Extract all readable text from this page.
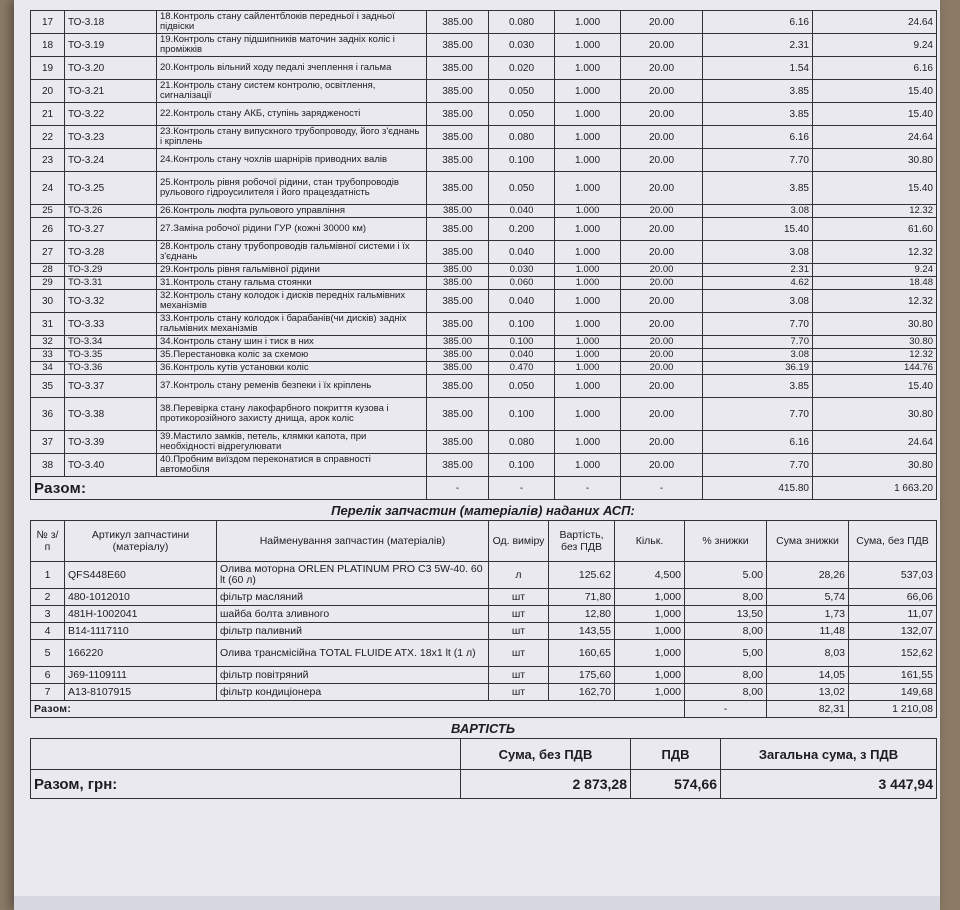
17	ТО-3.18	18.Контроль стану сайлентблоків передньої і задньої підвіски	385.00	0.080	1.000	20.00	6.16	24.64
18	ТО-3.19	19.Контроль стану підшипників маточин задніх коліс і проміжків	385.00	0.030	1.000	20.00	2.31	9.24
19	ТО-3.20	20.Контроль вільний ходу педалі зчеплення і гальма	385.00	0.020	1.000	20.00	1.54	6.16
20	ТО-3.21	21.Контроль стану систем контролю, освітлення, сигналізації	385.00	0.050	1.000	20.00	3.85	15.40
21	ТО-3.22	22.Контроль стану АКБ, ступінь зарядженості	385.00	0.050	1.000	20.00	3.85	15.40
22	ТО-3.23	23.Контроль стану випускного трубопроводу, його з'єднань і кріплень	385.00	0.080	1.000	20.00	6.16	24.64
23	ТО-3.24	24.Контроль стану чохлів шарнірів приводних валів	385.00	0.100	1.000	20.00	7.70	30.80
24	ТО-3.25	25.Контроль рівня робочої рідини, стан трубопроводів рульового гідроусилителя і його працездатність	385.00	0.050	1.000	20.00	3.85	15.40
25	ТО-3.26	26.Контроль люфта рульового управління	385.00	0.040	1.000	20.00	3.08	12.32
26	ТО-3.27	27.Заміна робочої рідини ГУР (кожні 30000 км)	385.00	0.200	1.000	20.00	15.40	61.60
27	ТО-3.28	28.Контроль стану трубопроводів гальмівної системи і їх з'єднань	385.00	0.040	1.000	20.00	3.08	12.32
28	ТО-3.29	29.Контроль рівня гальмівної рідини	385.00	0.030	1.000	20.00	2.31	9.24
29	ТО-3.31	31.Контроль стану гальма стоянки	385.00	0.060	1.000	20.00	4.62	18.48
30	ТО-3.32	32.Контроль стану колодок і дисків передніх гальмівних механізмів	385.00	0.040	1.000	20.00	3.08	12.32
31	ТО-3.33	33.Контроль стану колодок і барабанів(чи дисків) задніх гальмівних механізмів	385.00	0.100	1.000	20.00	7.70	30.80
32	ТО-3.34	34.Контроль стану шин і тиск в них	385.00	0.100	1.000	20.00	7.70	30.80
33	ТО-3.35	35.Перестановка коліс за схемою	385.00	0.040	1.000	20.00	3.08	12.32
34	ТО-3.36	36.Контроль кутів установки коліс	385.00	0.470	1.000	20.00	36.19	144.76
35	ТО-3.37	37.Контроль стану ременів безпеки і їх кріплень	385.00	0.050	1.000	20.00	3.85	15.40
36	ТО-3.38	38.Перевірка стану лакофарбного покриття кузова і протикорозійного захисту днища, арок коліс	385.00	0.100	1.000	20.00	7.70	30.80
37	ТО-3.39	39.Мастило замків, петель, клямки капота, при необхідності відрегулювати	385.00	0.080	1.000	20.00	6.16	24.64
38	ТО-3.40	40.Пробним виїздом переконатися в справності автомобіля	385.00	0.100	1.000	20.00	7.70	30.80
Разом:			-	-	-	-	415.80	1 663.20
Перелік запчастин (матеріалів) наданих АСП:
№ з/п	Артикул запчастини (матеріалу)	Найменування запчастин (матеріалів)	Од. виміру	Вартість, без ПДВ	Кільк.	% знижки	Сума знижки	Сума, без ПДВ
1	QFS448E60	Олива моторна ORLEN PLATINUM PRO C3 5W-40. 60 lt (60 л)	л	125.62	4,500	5.00	28,26	537,03
2	480-1012010	фільтр масляний	шт	71,80	1,000	8,00	5,74	66,06
3	481H-1002041	шайба болта зливного	шт	12,80	1,000	13,50	1,73	11,07
4	B14-1117110	фільтр паливний	шт	143,55	1,000	8,00	11,48	132,07
5	166220	Олива трансмісійна TOTAL FLUIDE ATX. 18x1 lt (1 л)	шт	160,65	1,000	5,00	8,03	152,62
6	J69-1109111	фільтр повітряний	шт	175,60	1,000	8,00	14,05	161,55
7	A13-8107915	фільтр кондиціонера	шт	162,70	1,000	8,00	13,02	149,68
Разом:						-	82,31	1 210,08
ВАРТІСТЬ
	Сума, без ПДВ	ПДВ	Загальна сума, з ПДВ
Разом, грн:	2 873,28	574,66	3 447,94
